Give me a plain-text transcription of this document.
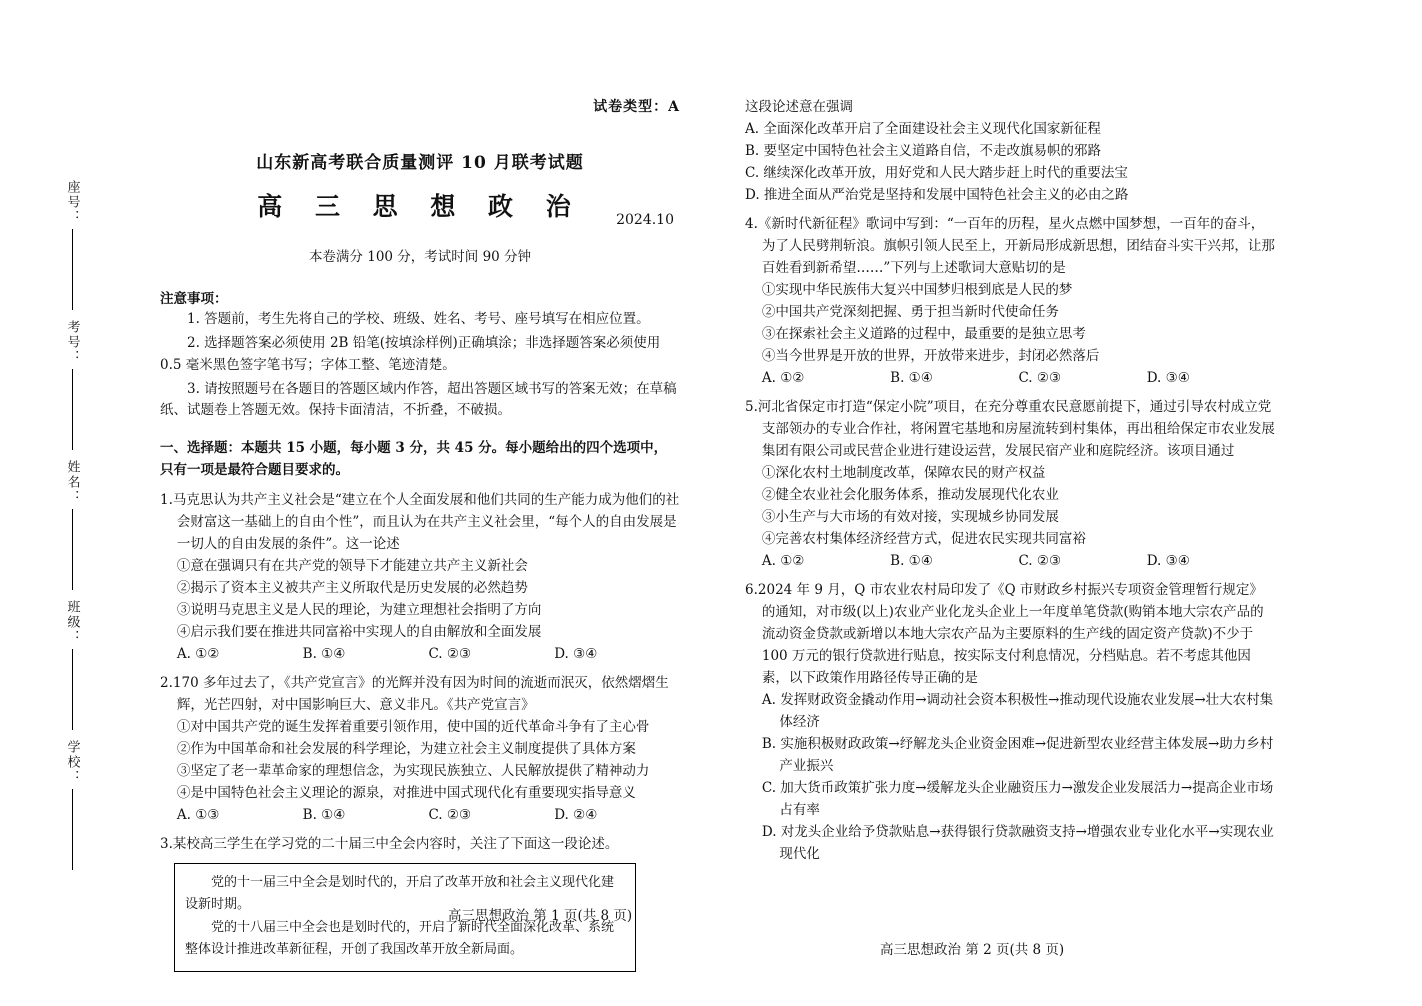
座号：
考号：
姓名：
班级：
学校：
试卷类型：A
山东新高考联合质量测评 10 月联考试题
高 三 思 想 政 治	2024.10
本卷满分 100 分，考试时间 90 分钟
注意事项：

1. 答题前，考生先将自己的学校、班级、姓名、考号、座号填写在相应位置。

2. 选择题答案必须使用 2B 铅笔(按填涂样例)正确填涂；非选择题答案必须使用 0.5 毫米黑色签字笔书写；字体工整、笔迹清楚。

3. 请按照题号在各题目的答题区域内作答，超出答题区域书写的答案无效；在草稿纸、试题卷上答题无效。保持卡面清洁，不折叠，不破损。

一、选择题：本题共 15 小题，每小题 3 分，共 45 分。每小题给出的四个选项中，只有一项是最符合题目要求的。
1.马克思认为共产主义社会是“建立在个人全面发展和他们共同的生产能力成为他们的社会财富这一基础上的自由个性”，而且认为在共产主义社会里，“每个人的自由发展是一切人的自由发展的条件”。这一论述
①意在强调只有在共产党的领导下才能建立共产主义新社会
②揭示了资本主义被共产主义所取代是历史发展的必然趋势
③说明马克思主义是人民的理论，为建立理想社会指明了方向
④启示我们要在推进共同富裕中实现人的自由解放和全面发展
A. ①②	B. ①④	C. ②③	D. ③④
2.170 多年过去了，《共产党宣言》的光辉并没有因为时间的流逝而泯灭，依然熠熠生辉，光芒四射，对中国影响巨大、意义非凡。《共产党宣言》
①对中国共产党的诞生发挥着重要引领作用，使中国的近代革命斗争有了主心骨
②作为中国革命和社会发展的科学理论，为建立社会主义制度提供了具体方案
③坚定了老一辈革命家的理想信念，为实现民族独立、人民解放提供了精神动力
④是中国特色社会主义理论的源泉，对推进中国式现代化有重要现实指导意义
A. ①③	B. ①④	C. ②③	D. ②④
3.某校高三学生在学习党的二十届三中全会内容时，关注了下面这一段论述。

党的十一届三中全会是划时代的，开启了改革开放和社会主义现代化建设新时期。

党的十八届三中全会也是划时代的，开启了新时代全面深化改革、系统整体设计推进改革新征程，开创了我国改革开放全新局面。

高三思想政治 第 1 页(共 8 页)
这段论述意在强调
A. 全面深化改革开启了全面建设社会主义现代化国家新征程
B. 要坚定中国特色社会主义道路自信，不走改旗易帜的邪路
C. 继续深化改革开放，用好党和人民大踏步赶上时代的重要法宝
D. 推进全面从严治党是坚持和发展中国特色社会主义的必由之路
4.《新时代新征程》歌词中写到：“一百年的历程，星火点燃中国梦想，一百年的奋斗，为了人民劈荆斩浪。旗帜引领人民至上，开新局形成新思想，团结奋斗实干兴邦，让那百姓看到新希望……”下列与上述歌词大意贴切的是
①实现中华民族伟大复兴中国梦归根到底是人民的梦
②中国共产党深刻把握、勇于担当新时代使命任务
③在探索社会主义道路的过程中，最重要的是独立思考
④当今世界是开放的世界，开放带来进步，封闭必然落后
A. ①②	B. ①④	C. ②③	D. ③④
5.河北省保定市打造“保定小院”项目，在充分尊重农民意愿前提下，通过引导农村成立党支部领办的专业合作社，将闲置宅基地和房屋流转到村集体，再出租给保定市农业发展集团有限公司或民营企业进行建设运营，发展民宿产业和庭院经济。该项目通过
①深化农村土地制度改革，保障农民的财产权益
②健全农业社会化服务体系，推动发展现代化农业
③小生产与大市场的有效对接，实现城乡协同发展
④完善农村集体经济经营方式，促进农民实现共同富裕
A. ①②	B. ①④	C. ②③	D. ③④
6.2024 年 9 月，Q 市农业农村局印发了《Q 市财政乡村振兴专项资金管理暂行规定》的通知，对市级(以上)农业产业化龙头企业上一年度单笔贷款(购销本地大宗农产品的流动资金贷款或新增以本地大宗农产品为主要原料的生产线的固定资产贷款)不少于 100 万元的银行贷款进行贴息，按实际支付利息情况，分档贴息。若不考虑其他因素，以下政策作用路径传导正确的是
A. 发挥财政资金撬动作用→调动社会资本积极性→推动现代设施农业发展→壮大农村集体经济
B. 实施积极财政政策→纾解龙头企业资金困难→促进新型农业经营主体发展→助力乡村产业振兴
C. 加大货币政策扩张力度→缓解龙头企业融资压力→激发企业发展活力→提高企业市场占有率
D. 对龙头企业给予贷款贴息→获得银行贷款融资支持→增强农业专业化水平→实现农业现代化
高三思想政治 第 2 页(共 8 页)
